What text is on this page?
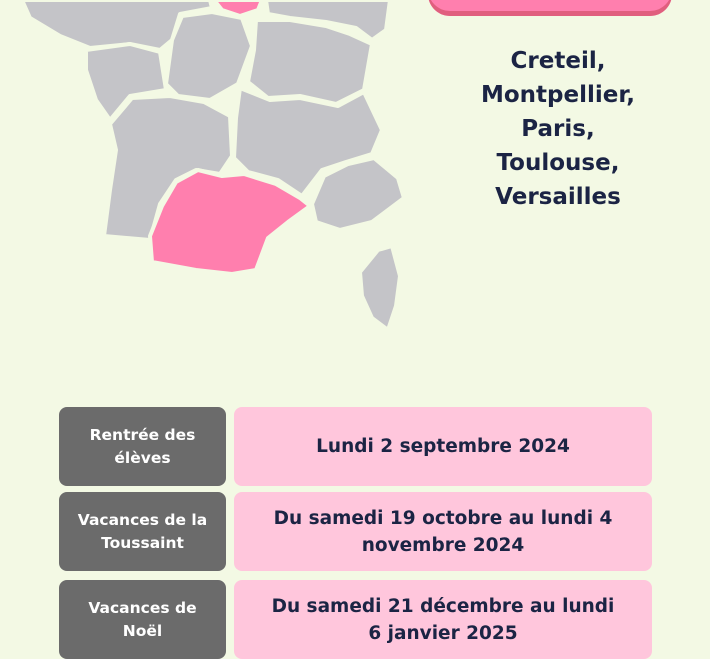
Creteil,
Montpellier,
Paris,
Toulouse,
Versailles
Rentrée des élèves
Lundi 2 septembre 2024
Vacances de la Toussaint
Du samedi 19 octobre au lundi 4 novembre 2024
Vacances de Noël
Du samedi 21 décembre au lundi 6 janvier 2025
